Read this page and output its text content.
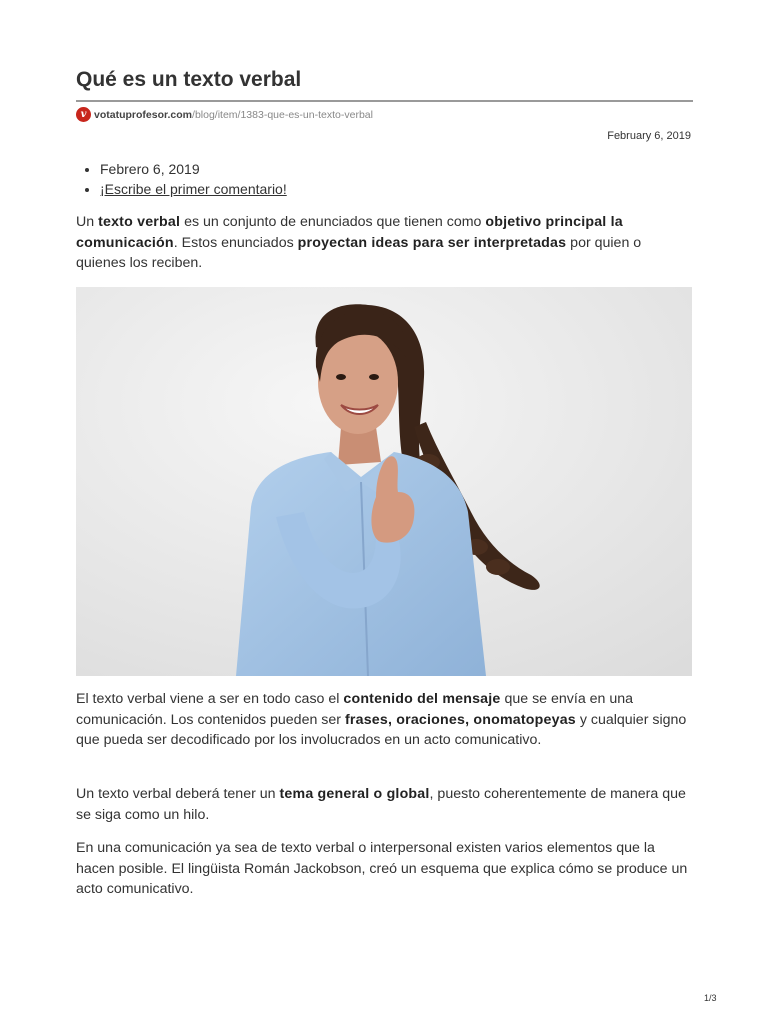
Qué es un texto verbal
v votatuprofesor.com /blog/item/1383-que-es-un-texto-verbal
February 6, 2019
• Febrero 6, 2019
• ¡Escribe el primer comentario!

Un texto verbal es un conjunto de enunciados que tienen como objetivo principal la comunicación. Estos enunciados proyectan ideas para ser interpretadas por quien o quienes los reciben.

El texto verbal viene a ser en todo caso el contenido del mensaje que se envía en una comunicación. Los contenidos pueden ser frases, oraciones, onomatopeyas y cualquier signo que pueda ser decodificado por los involucrados en un acto comunicativo.

Un texto verbal deberá tener un tema general o global, puesto coherentemente de manera que se siga como un hilo.

En una comunicación ya sea de texto verbal o interpersonal existen varios elementos que la hacen posible. El lingüista Román Jackobson, creó un esquema que explica cómo se produce un acto comunicativo.

1/3
